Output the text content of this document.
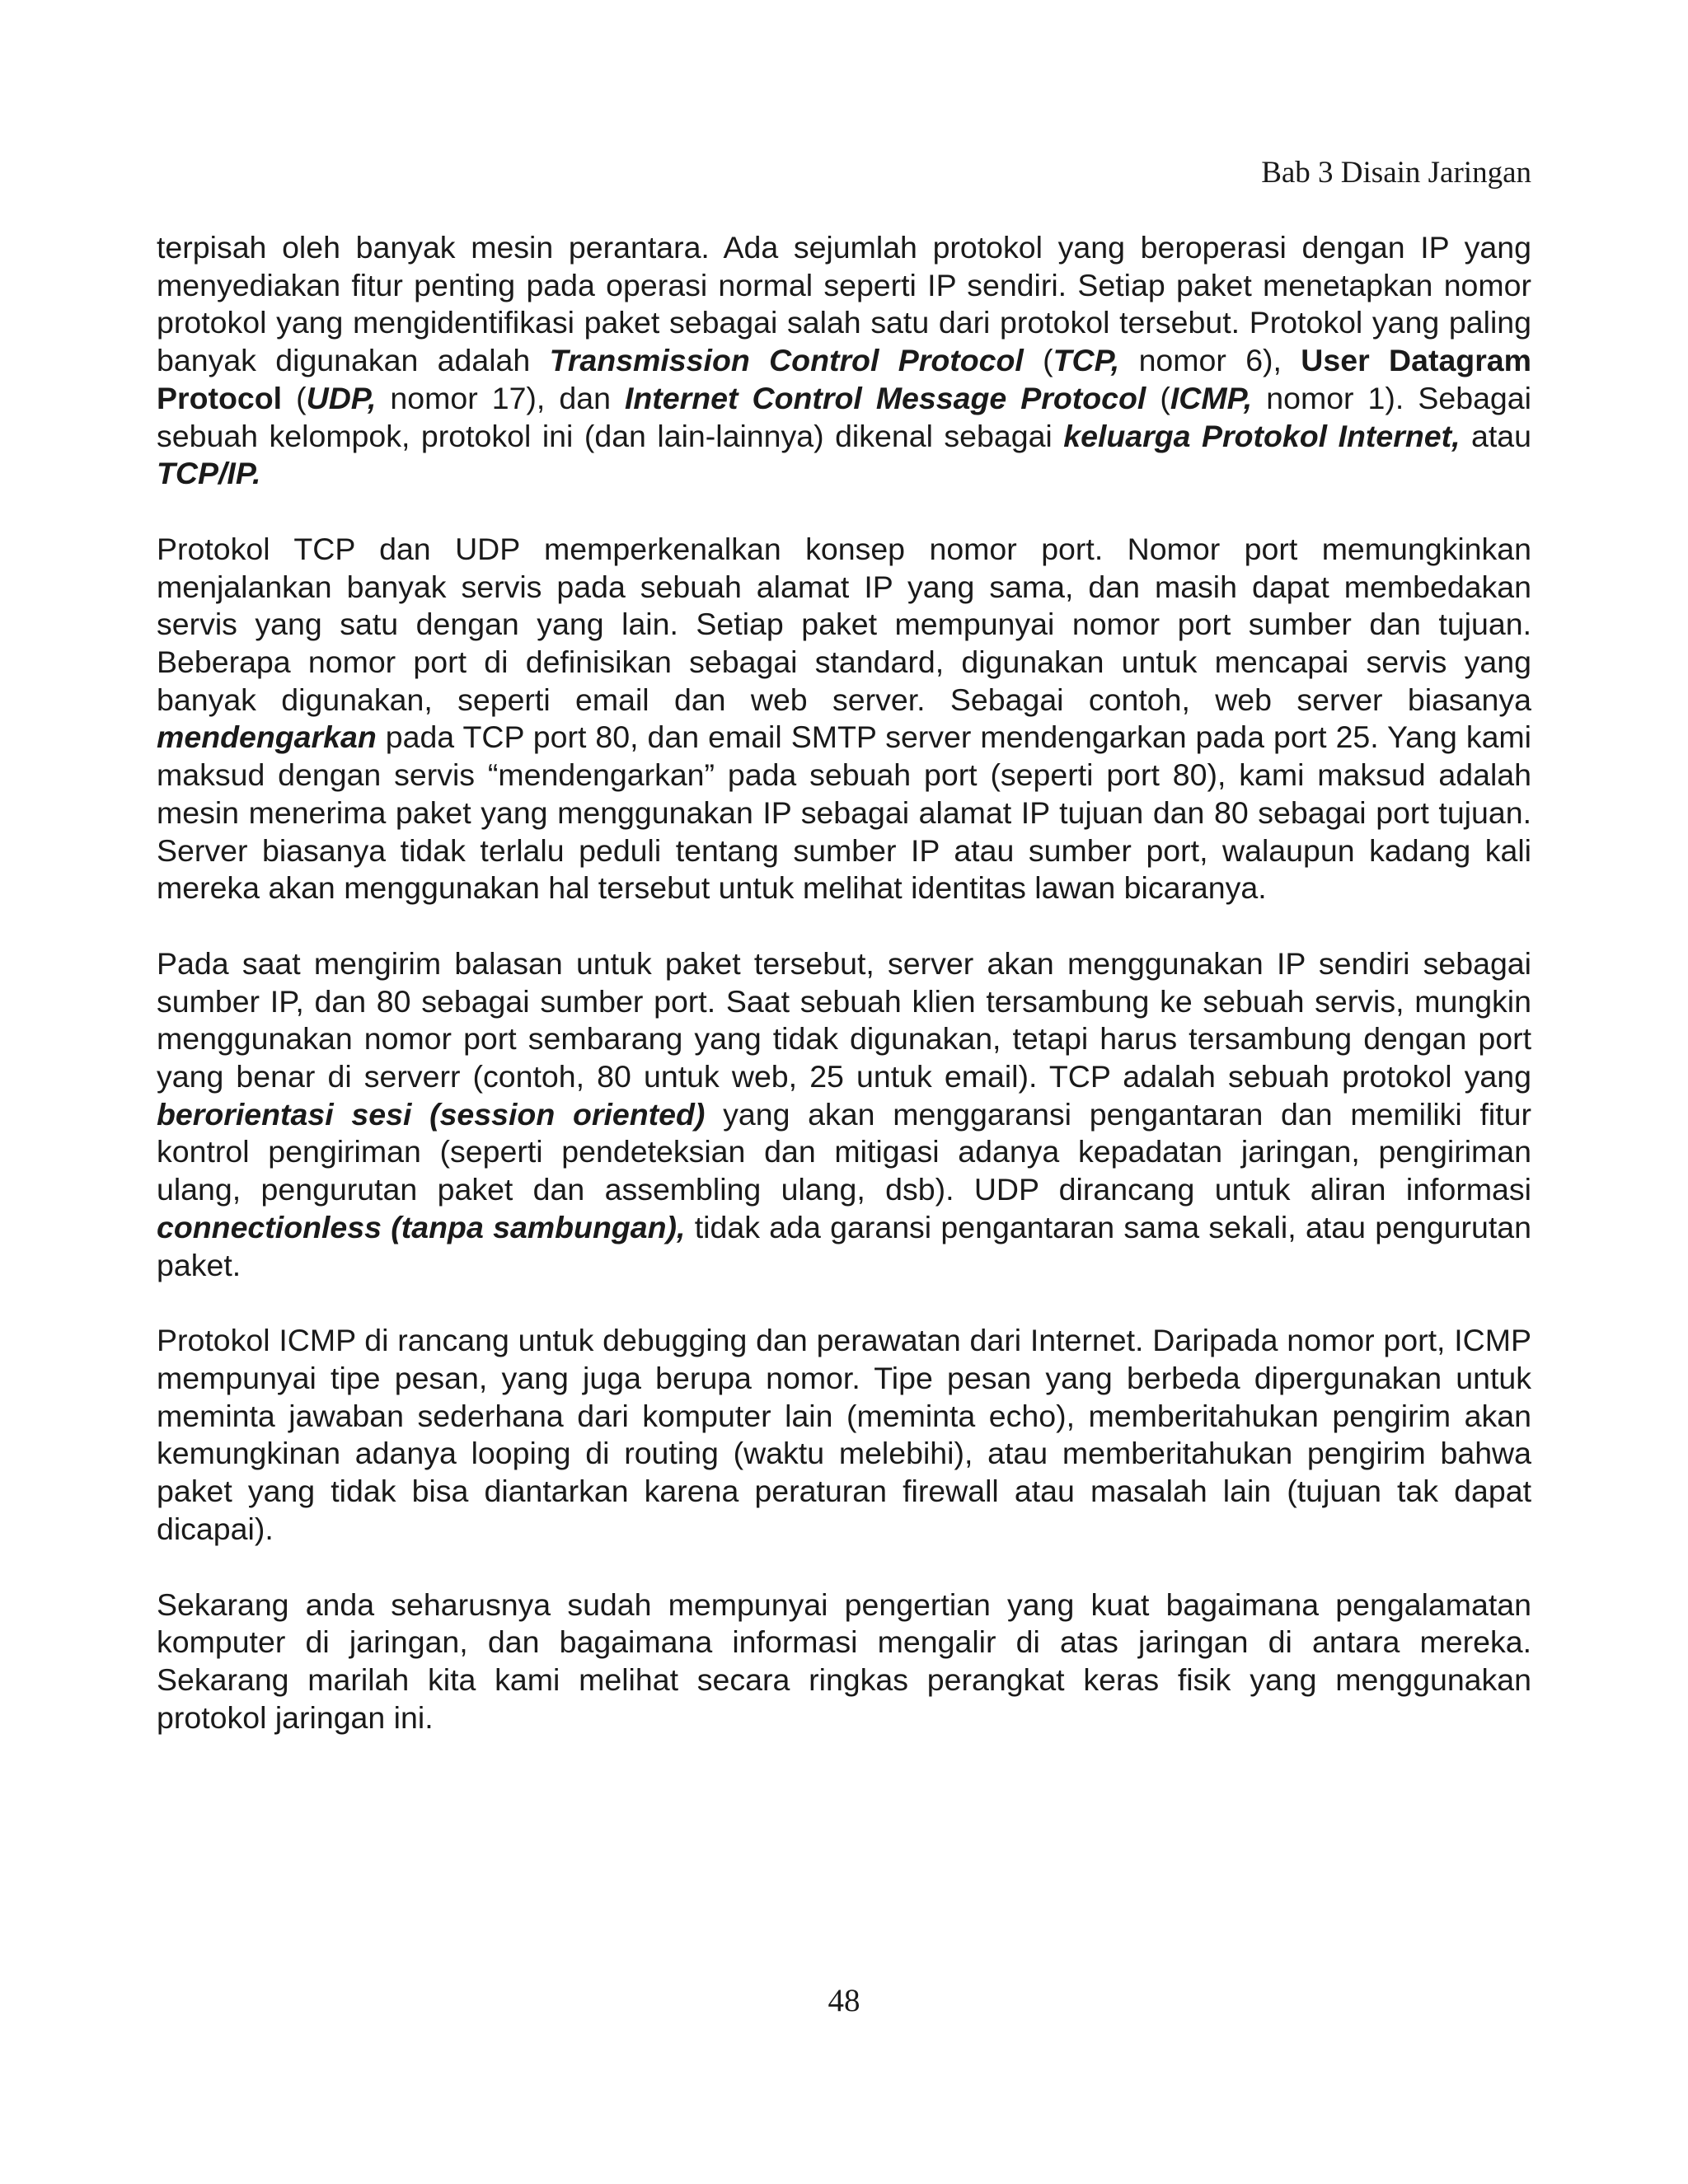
Bab 3 Disain Jaringan

terpisah oleh banyak mesin perantara. Ada sejumlah protokol yang beroperasi dengan IP yang menyediakan fitur penting pada operasi normal seperti IP sendiri. Setiap paket menetapkan nomor protokol yang mengidentifikasi paket sebagai salah satu dari protokol tersebut. Protokol yang paling banyak digunakan adalah Transmission Control Protocol (TCP, nomor 6), User Datagram Protocol (UDP, nomor 17), dan Internet Control Message Protocol (ICMP, nomor 1). Sebagai sebuah kelompok, protokol ini (dan lain-lainnya) dikenal sebagai keluarga Protokol Internet, atau TCP/IP.

Protokol TCP dan UDP memperkenalkan konsep nomor port. Nomor port memungkinkan menjalankan banyak servis pada sebuah alamat IP yang sama, dan masih dapat membedakan servis yang satu dengan yang lain. Setiap paket mempunyai nomor port sumber dan tujuan. Beberapa nomor port di definisikan sebagai standard, digunakan untuk mencapai servis yang banyak digunakan, seperti email dan web server. Sebagai contoh, web server biasanya mendengarkan pada TCP port 80, dan email SMTP server mendengarkan pada port 25. Yang kami maksud dengan servis “mendengarkan” pada sebuah port (seperti port 80), kami maksud adalah mesin menerima paket yang menggunakan IP sebagai alamat IP tujuan dan 80 sebagai port tujuan. Server biasanya tidak terlalu peduli tentang sumber IP atau sumber port, walaupun kadang kali mereka akan menggunakan hal tersebut untuk melihat identitas lawan bicaranya.

Pada saat mengirim balasan untuk paket tersebut, server akan menggunakan IP sendiri sebagai sumber IP, dan 80 sebagai sumber port. Saat sebuah klien tersambung ke sebuah servis, mungkin menggunakan nomor port sembarang yang tidak digunakan, tetapi harus tersambung dengan port yang benar di serverr (contoh, 80 untuk web, 25 untuk email). TCP adalah sebuah protokol yang berorientasi sesi (session oriented) yang akan menggaransi pengantaran dan memiliki fitur kontrol pengiriman (seperti pendeteksian dan mitigasi adanya kepadatan jaringan, pengiriman ulang, pengurutan paket dan assembling ulang, dsb). UDP dirancang untuk aliran informasi connectionless (tanpa sambungan), tidak ada garansi pengantaran sama sekali, atau pengurutan paket.

Protokol ICMP di rancang untuk debugging dan perawatan dari Internet. Daripada nomor port, ICMP mempunyai tipe pesan, yang juga berupa nomor. Tipe pesan yang berbeda dipergunakan untuk meminta jawaban sederhana dari komputer lain (meminta echo), memberitahukan pengirim akan kemungkinan adanya looping di routing (waktu melebihi), atau memberitahukan pengirim bahwa paket yang tidak bisa diantarkan karena peraturan firewall atau masalah lain (tujuan tak dapat dicapai).

Sekarang anda seharusnya sudah mempunyai pengertian yang kuat bagaimana pengalamatan komputer di jaringan, dan bagaimana informasi mengalir di atas jaringan di antara mereka. Sekarang marilah kita kami melihat secara ringkas perangkat keras fisik yang menggunakan protokol jaringan ini.

48
